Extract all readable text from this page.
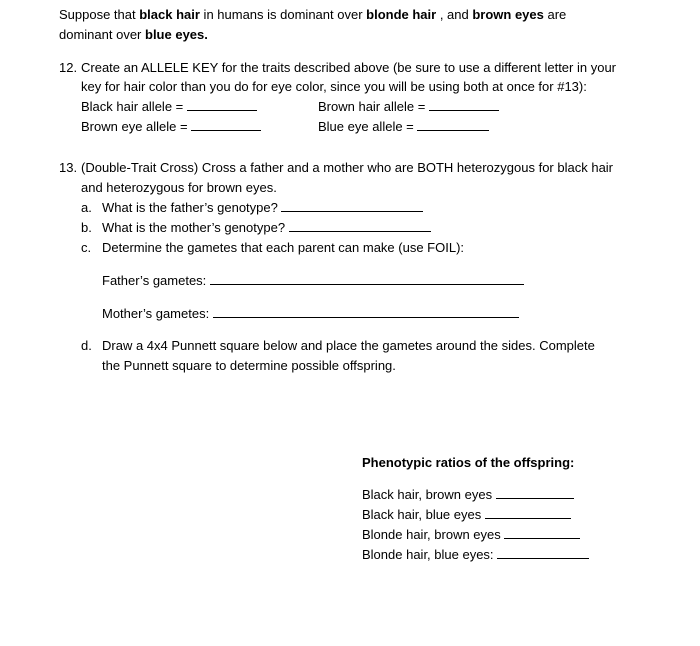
Suppose that black hair in humans is dominant over blonde hair , and brown eyes are
dominant over blue eyes.
12. Create an ALLELE KEY for the traits described above (be sure to use a different letter in your
key for hair color than you do for eye color, since you will be using both at once for #13):
Black hair allele =	Brown hair allele =
Brown eye allele =	Blue eye allele =
13. (Double-Trait Cross) Cross a father and a mother who are BOTH heterozygous for black hair
and heterozygous for brown eyes.
a. What is the father’s genotype?
b. What is the mother’s genotype?
c. Determine the gametes that each parent can make (use FOIL):
Father’s gametes:
Mother’s gametes:
d. Draw a 4x4 Punnett square below and place the gametes around the sides. Complete
the Punnett square to determine possible offspring.
Phenotypic ratios of the offspring:
Black hair, brown eyes
Black hair, blue eyes
Blonde hair, brown eyes
Blonde hair, blue eyes:
